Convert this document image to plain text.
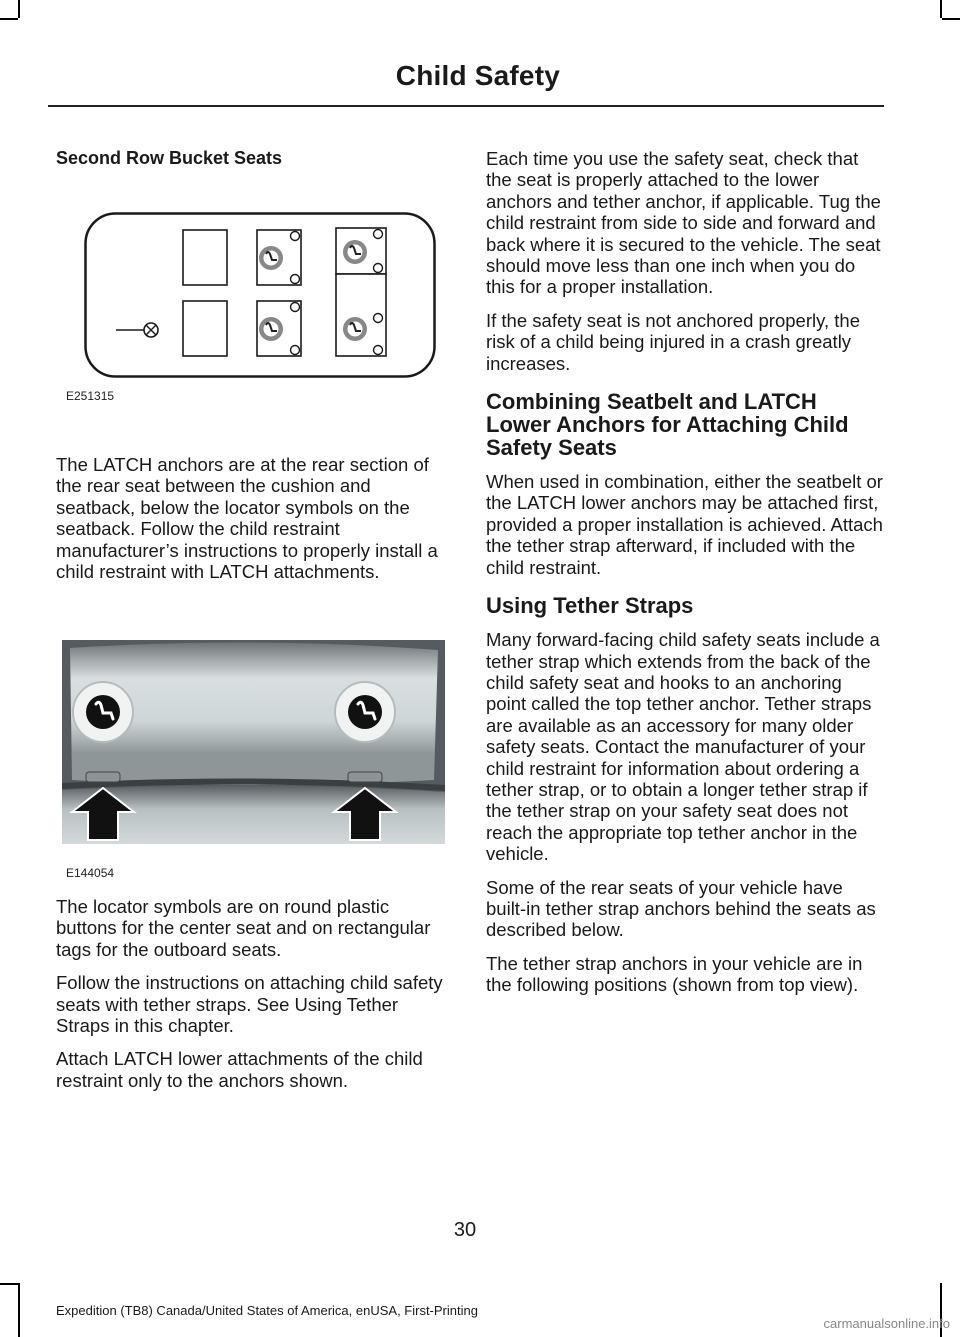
Child Safety

Second Row Bucket Seats

E251315

The LATCH anchors are at the rear section of the rear seat between the cushion and seatback, below the locator symbols on the seatback. Follow the child restraint manufacturer’s instructions to properly install a child restraint with LATCH attachments.

E144054

The locator symbols are on round plastic buttons for the center seat and on rectangular tags for the outboard seats.

Follow the instructions on attaching child safety seats with tether straps. See Using Tether Straps in this chapter.

Attach LATCH lower attachments of the child restraint only to the anchors shown.

Each time you use the safety seat, check that the seat is properly attached to the lower anchors and tether anchor, if applicable. Tug the child restraint from side to side and forward and back where it is secured to the vehicle. The seat should move less than one inch when you do this for a proper installation.

If the safety seat is not anchored properly, the risk of a child being injured in a crash greatly increases.

Combining Seatbelt and LATCH Lower Anchors for Attaching Child Safety Seats

When used in combination, either the seatbelt or the LATCH lower anchors may be attached first, provided a proper installation is achieved. Attach the tether strap afterward, if included with the child restraint.

Using Tether Straps

Many forward-facing child safety seats include a tether strap which extends from the back of the child safety seat and hooks to an anchoring point called the top tether anchor. Tether straps are available as an accessory for many older safety seats. Contact the manufacturer of your child restraint for information about ordering a tether strap, or to obtain a longer tether strap if the tether strap on your safety seat does not reach the appropriate top tether anchor in the vehicle.

Some of the rear seats of your vehicle have built-in tether strap anchors behind the seats as described below.

The tether strap anchors in your vehicle are in the following positions (shown from top view).

30
Expedition (TB8) Canada/United States of America, enUSA, First-Printing
carmanualsonline.info
